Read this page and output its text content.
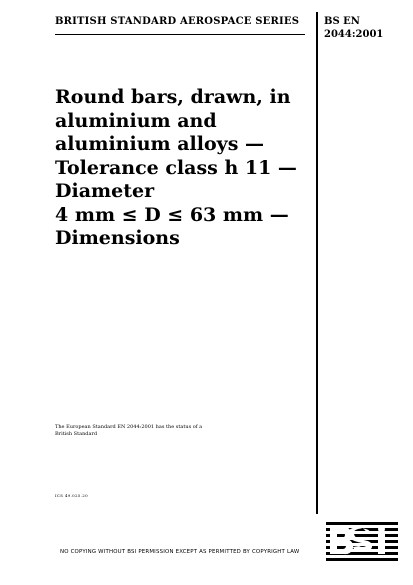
BRITISH STANDARD AEROSPACE SERIES BS EN
2044:2001
Round bars, drawn, in
aluminium and
aluminium alloys —
Tolerance class h 11 —
Diameter
4 mm ≤ D ≤ 63 mm —
Dimensions
The European Standard EN 2044:2001 has the status of a
British Standard
ICS 49.025.20
NO COPYING WITHOUT BSI PERMISSION EXCEPT AS PERMITTED BY COPYRIGHT LAW
